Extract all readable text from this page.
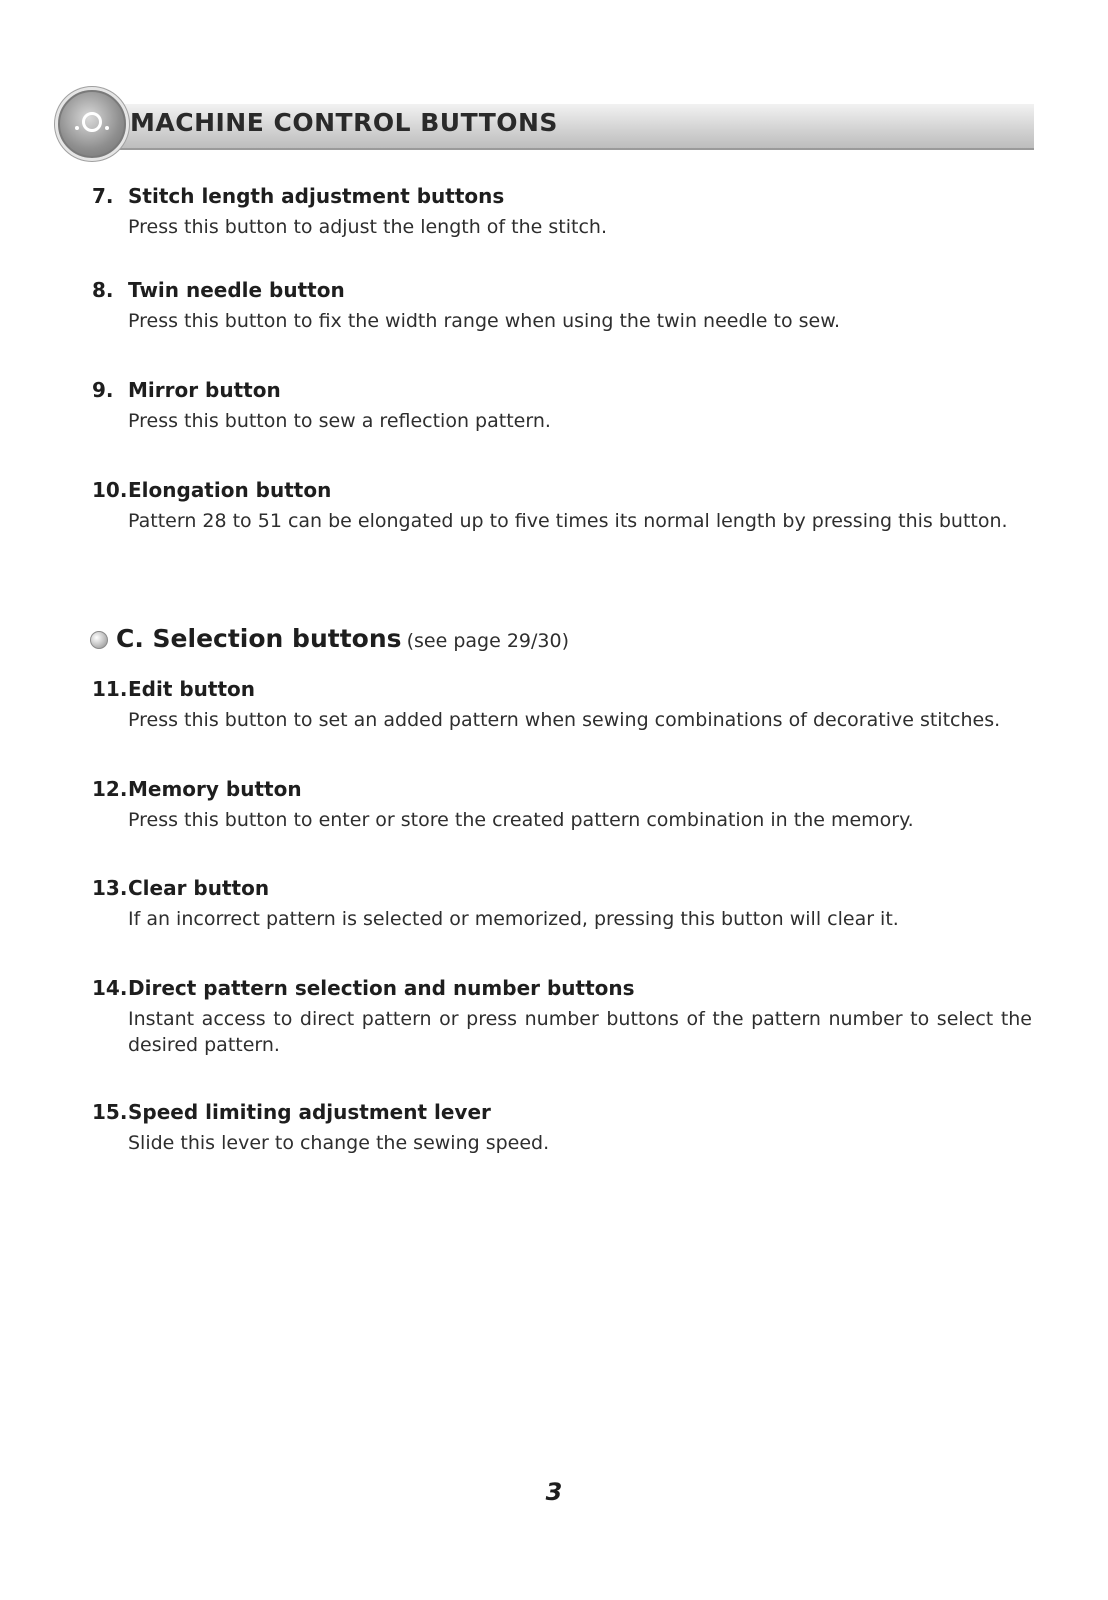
MACHINE CONTROL BUTTONS
7. Stitch length adjustment buttons
Press this button to adjust the length of the stitch.
8. Twin needle button
Press this button to fix the width range when using the twin needle to sew.
9. Mirror button
Press this button to sew a reflection pattern.
10.Elongation button
Pattern 28 to 51 can be elongated up to five times its normal length by pressing this button.
C. Selection buttons (see page 29/30)
11.Edit button
Press this button to set an added pattern when sewing combinations of decorative stitches.
12.Memory button
Press this button to enter or store the created pattern combination in the memory.
13.Clear button
If an incorrect pattern is selected or memorized, pressing this button will clear it.
14.Direct pattern selection and number buttons
Instant access to direct pattern or press number buttons of the pattern number to select the desired pattern.
15.Speed limiting adjustment lever
Slide this lever to change the sewing speed.
3
